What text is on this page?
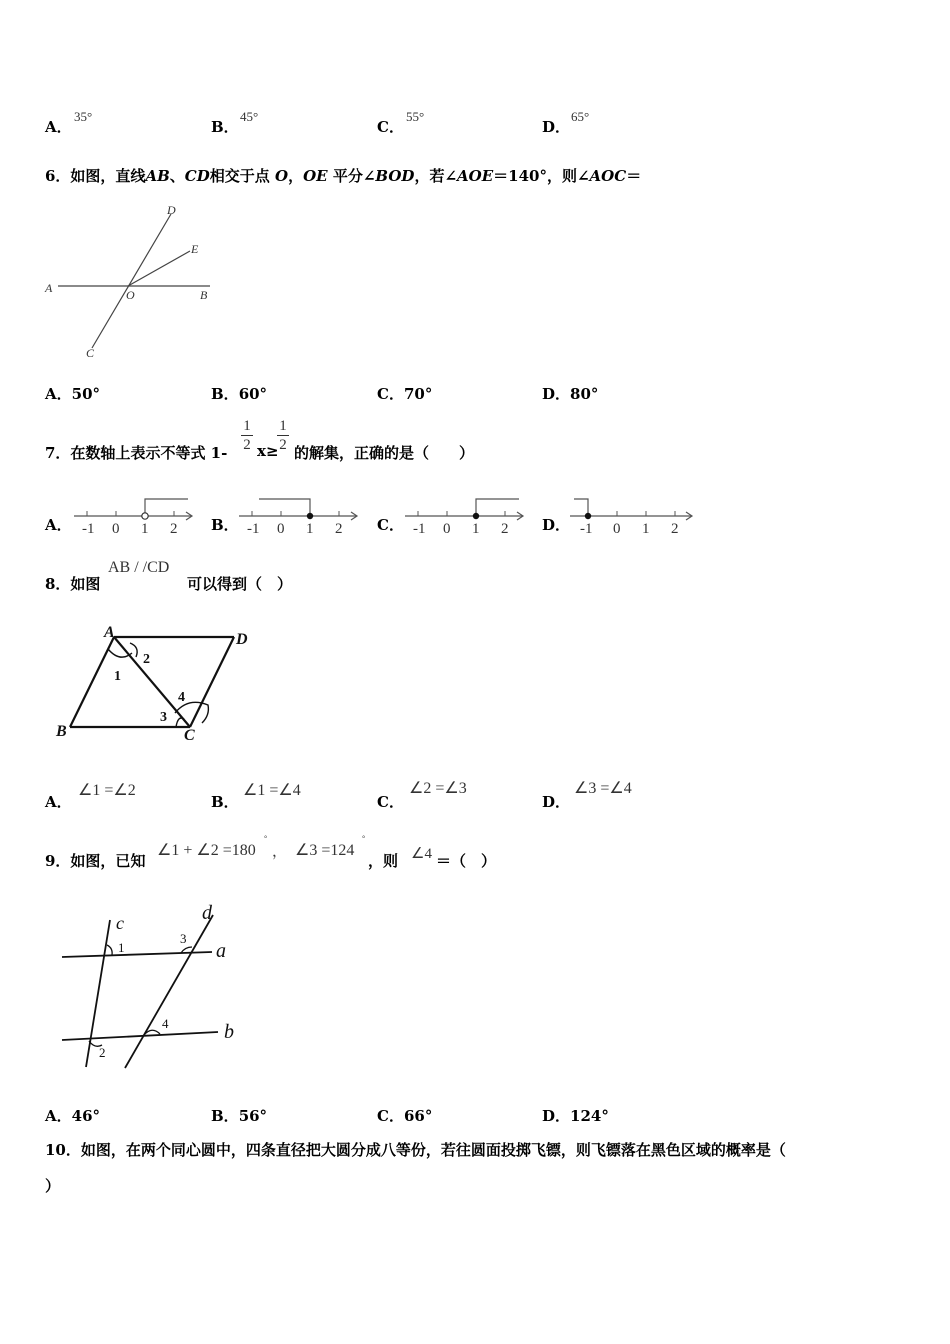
A．
35°
B．
45°
C．
55°
D．
65°
6．如图，直线AB、CD相交于点 O，OE 平分∠BOD，若∠AOE＝140°，则∠AOC＝
A	B
C
D
E
O
A．50°	B．60°	C．70°	D．80°
7．在数轴上表示不等式 $1- \frac{1}{2} x\ge$
$\frac{1}{2}$ 的解集，正确的是（　　）
A． -1 0 1 2 B． -1 0 1 2 C． -1 0 1 2 D． -1 0 1 2
8．如图
AB / /CD
可以得到（　）
A	D
B	C
1
2
3
4
A．
∠1 =∠2
B．
∠1 =∠4
C．
∠2 =∠3
D．
∠3 =∠4
9．如图，已知
∠1 + ∠2 =180
°
， ∠3 =124
°
，则 ∠4 ＝（　）
c	d
a
b
1
2
3
4
A．46°	B．56°	C．66°	D．124°
10．如图，在两个同心圆中，四条直径把大圆分成八等份，若往圆面投掷飞镖，则飞镖落在黑色区域的概率是（
）
